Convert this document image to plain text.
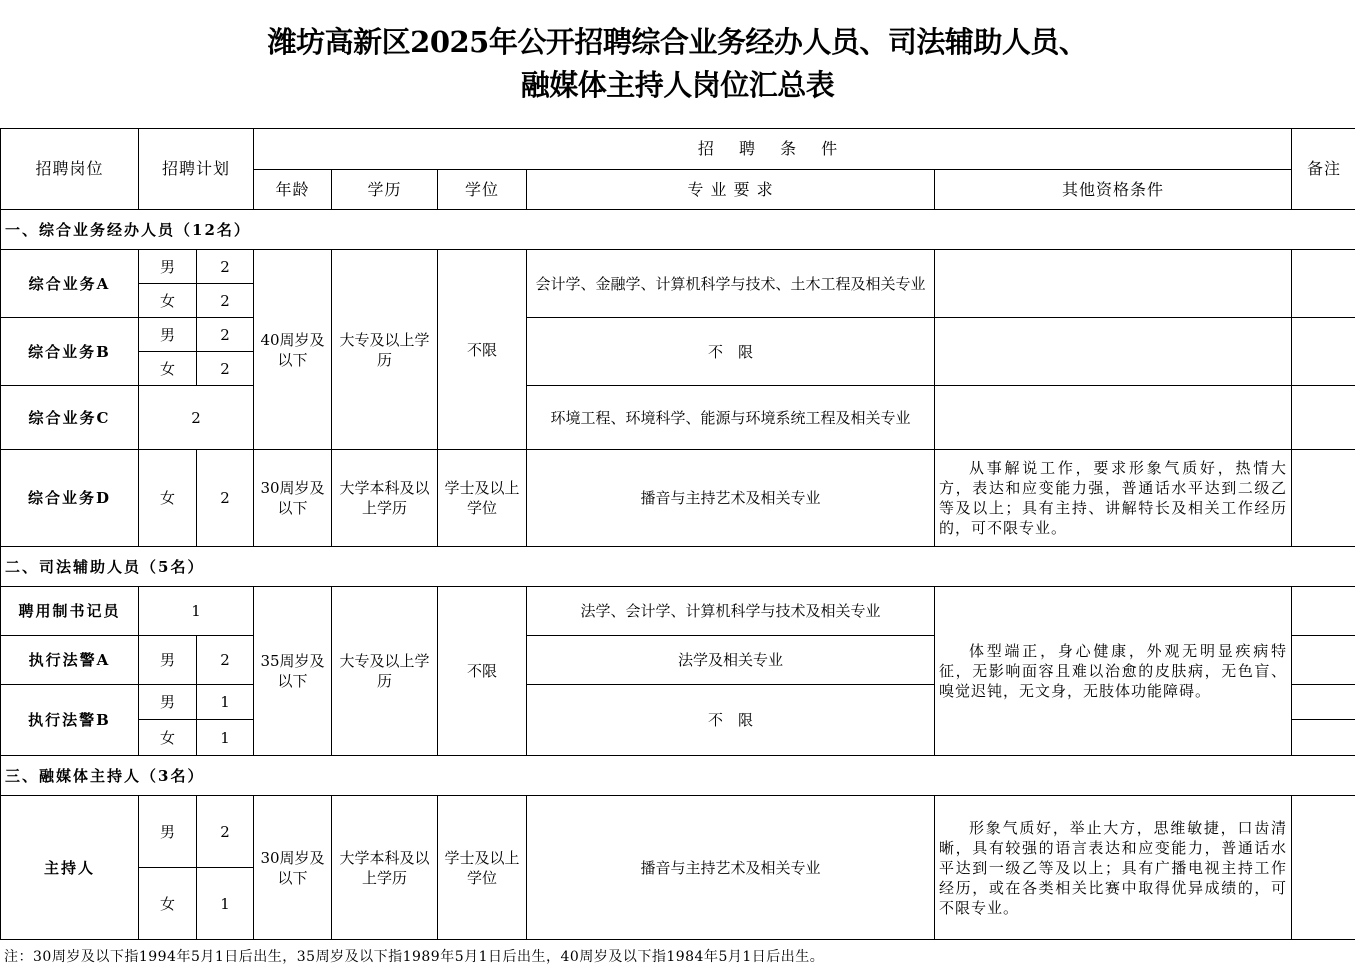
潍坊高新区2025年公开招聘综合业务经办人员、司法辅助人员、
融媒体主持人岗位汇总表
招聘岗位	招聘计划		招 聘 条 件					备注
			年龄	学历	学位	专 业 要 求	其他资格条件	
一、综合业务经办人员（12名）								
综合业务A	男	2	40周岁及以下	大专及以上学历	不限	会计学、金融学、计算机科学与技术、土木工程及相关专业		
	女	2						
综合业务B	男	2				不　限		
	女	2						
综合业务C	2					环境工程、环境科学、能源与环境系统工程及相关专业		
综合业务D	女	2	30周岁及以下	大学本科及以上学历	学士及以上学位	播音与主持艺术及相关专业	从事解说工作，要求形象气质好，热情大方，表达和应变能力强，普通话水平达到二级乙等及以上；具有主持、讲解特长及相关工作经历的，可不限专业。	
二、司法辅助人员（5名）								
聘用制书记员	1		35周岁及以下	大专及以上学历	不限	法学、会计学、计算机科学与技术及相关专业	体型端正，身心健康，外观无明显疾病特征，无影响面容且难以治愈的皮肤病，无色盲、嗅觉迟钝，无文身，无肢体功能障碍。	
执行法警A	男	2				法学及相关专业		
执行法警B	男	1				不　限		
	女	1						
三、融媒体主持人（3名）								
主持人	男	2	30周岁及以下	大学本科及以上学历	学士及以上学位	播音与主持艺术及相关专业	形象气质好，举止大方，思维敏捷，口齿清晰，具有较强的语言表达和应变能力，普通话水平达到一级乙等及以上；具有广播电视主持工作经历，或在各类相关比赛中取得优异成绩的，可不限专业。	
	女	1						
注：30周岁及以下指1994年5月1日后出生，35周岁及以下指1989年5月1日后出生，40周岁及以下指1984年5月1日后出生。
